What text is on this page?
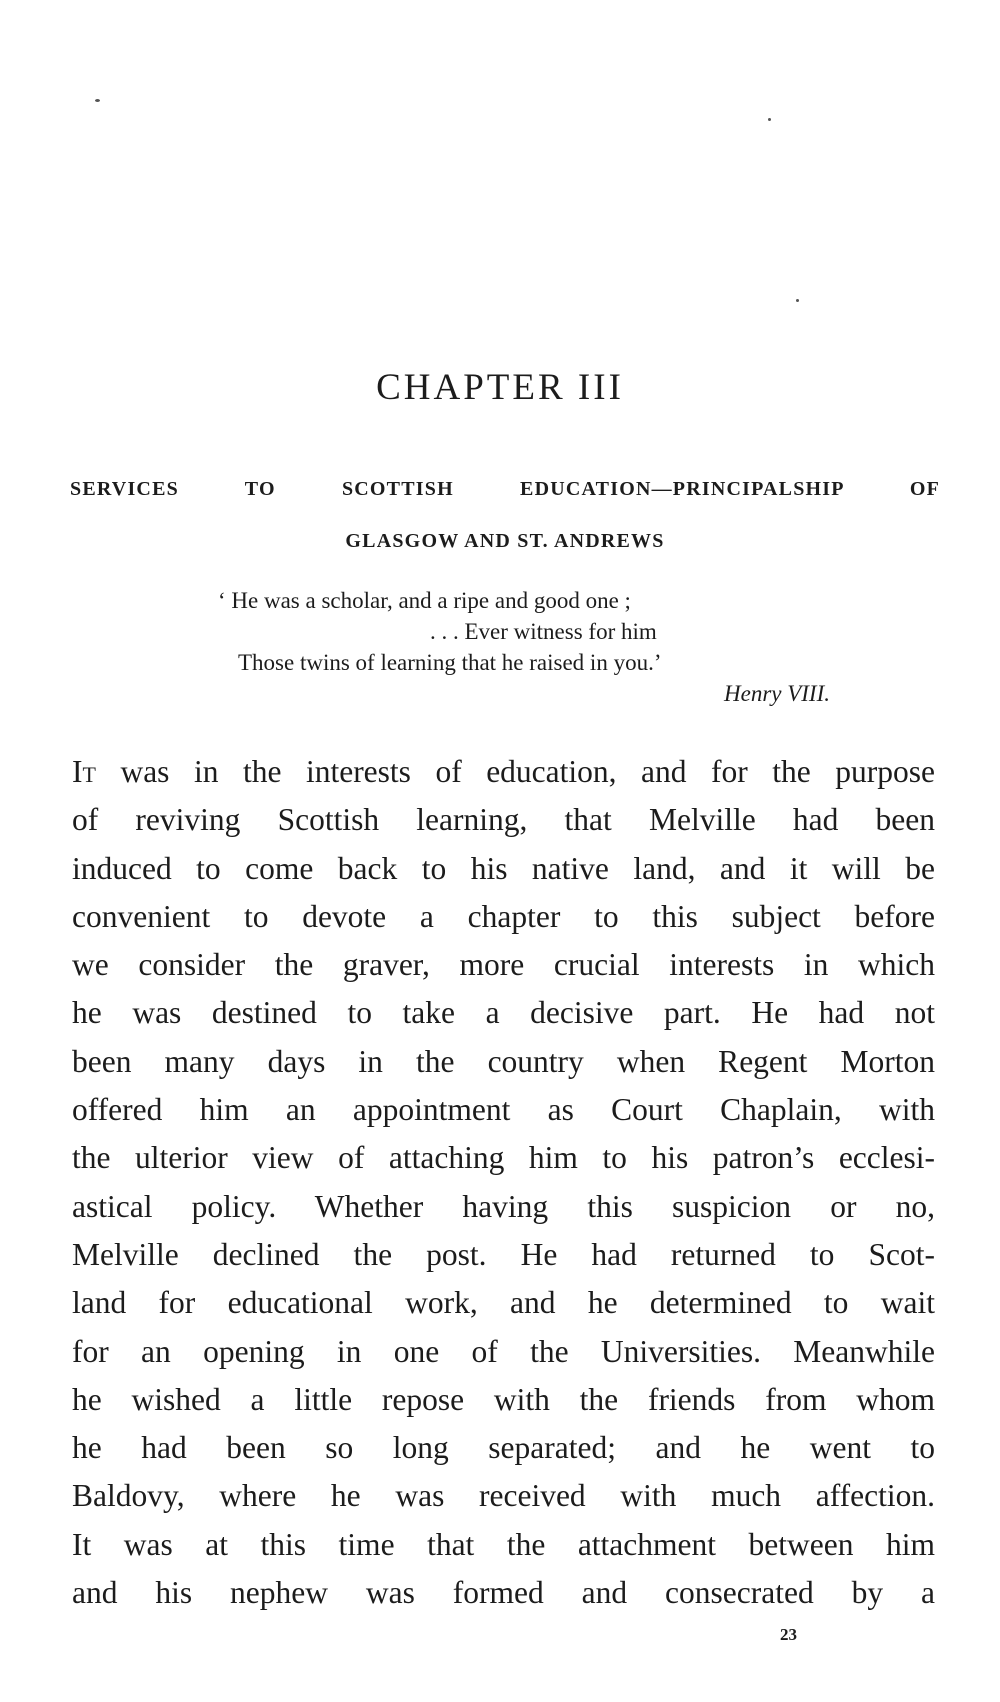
CHAPTER III
SERVICES TO SCOTTISH EDUCATION—PRINCIPALSHIP OF
GLASGOW AND ST. ANDREWS
‘ He was a scholar, and a ripe and good one ;
. . . Ever witness for him
Those twins of learning that he raised in you.’
Henry VIII.
It was in the interests of education, and for the purpose
of reviving Scottish learning, that Melville had been
induced to come back to his native land, and it will be
convenient to devote a chapter to this subject before
we consider the graver, more crucial interests in which
he was destined to take a decisive part. He had not
been many days in the country when Regent Morton
offered him an appointment as Court Chaplain, with
the ulterior view of attaching him to his patron’s ecclesi-
astical policy. Whether having this suspicion or no,
Melville declined the post. He had returned to Scot-
land for educational work, and he determined to wait
for an opening in one of the Universities. Meanwhile
he wished a little repose with the friends from whom
he had been so long separated; and he went to
Baldovy, where he was received with much affection.
It was at this time that the attachment between him
and his nephew was formed and consecrated by a
23
